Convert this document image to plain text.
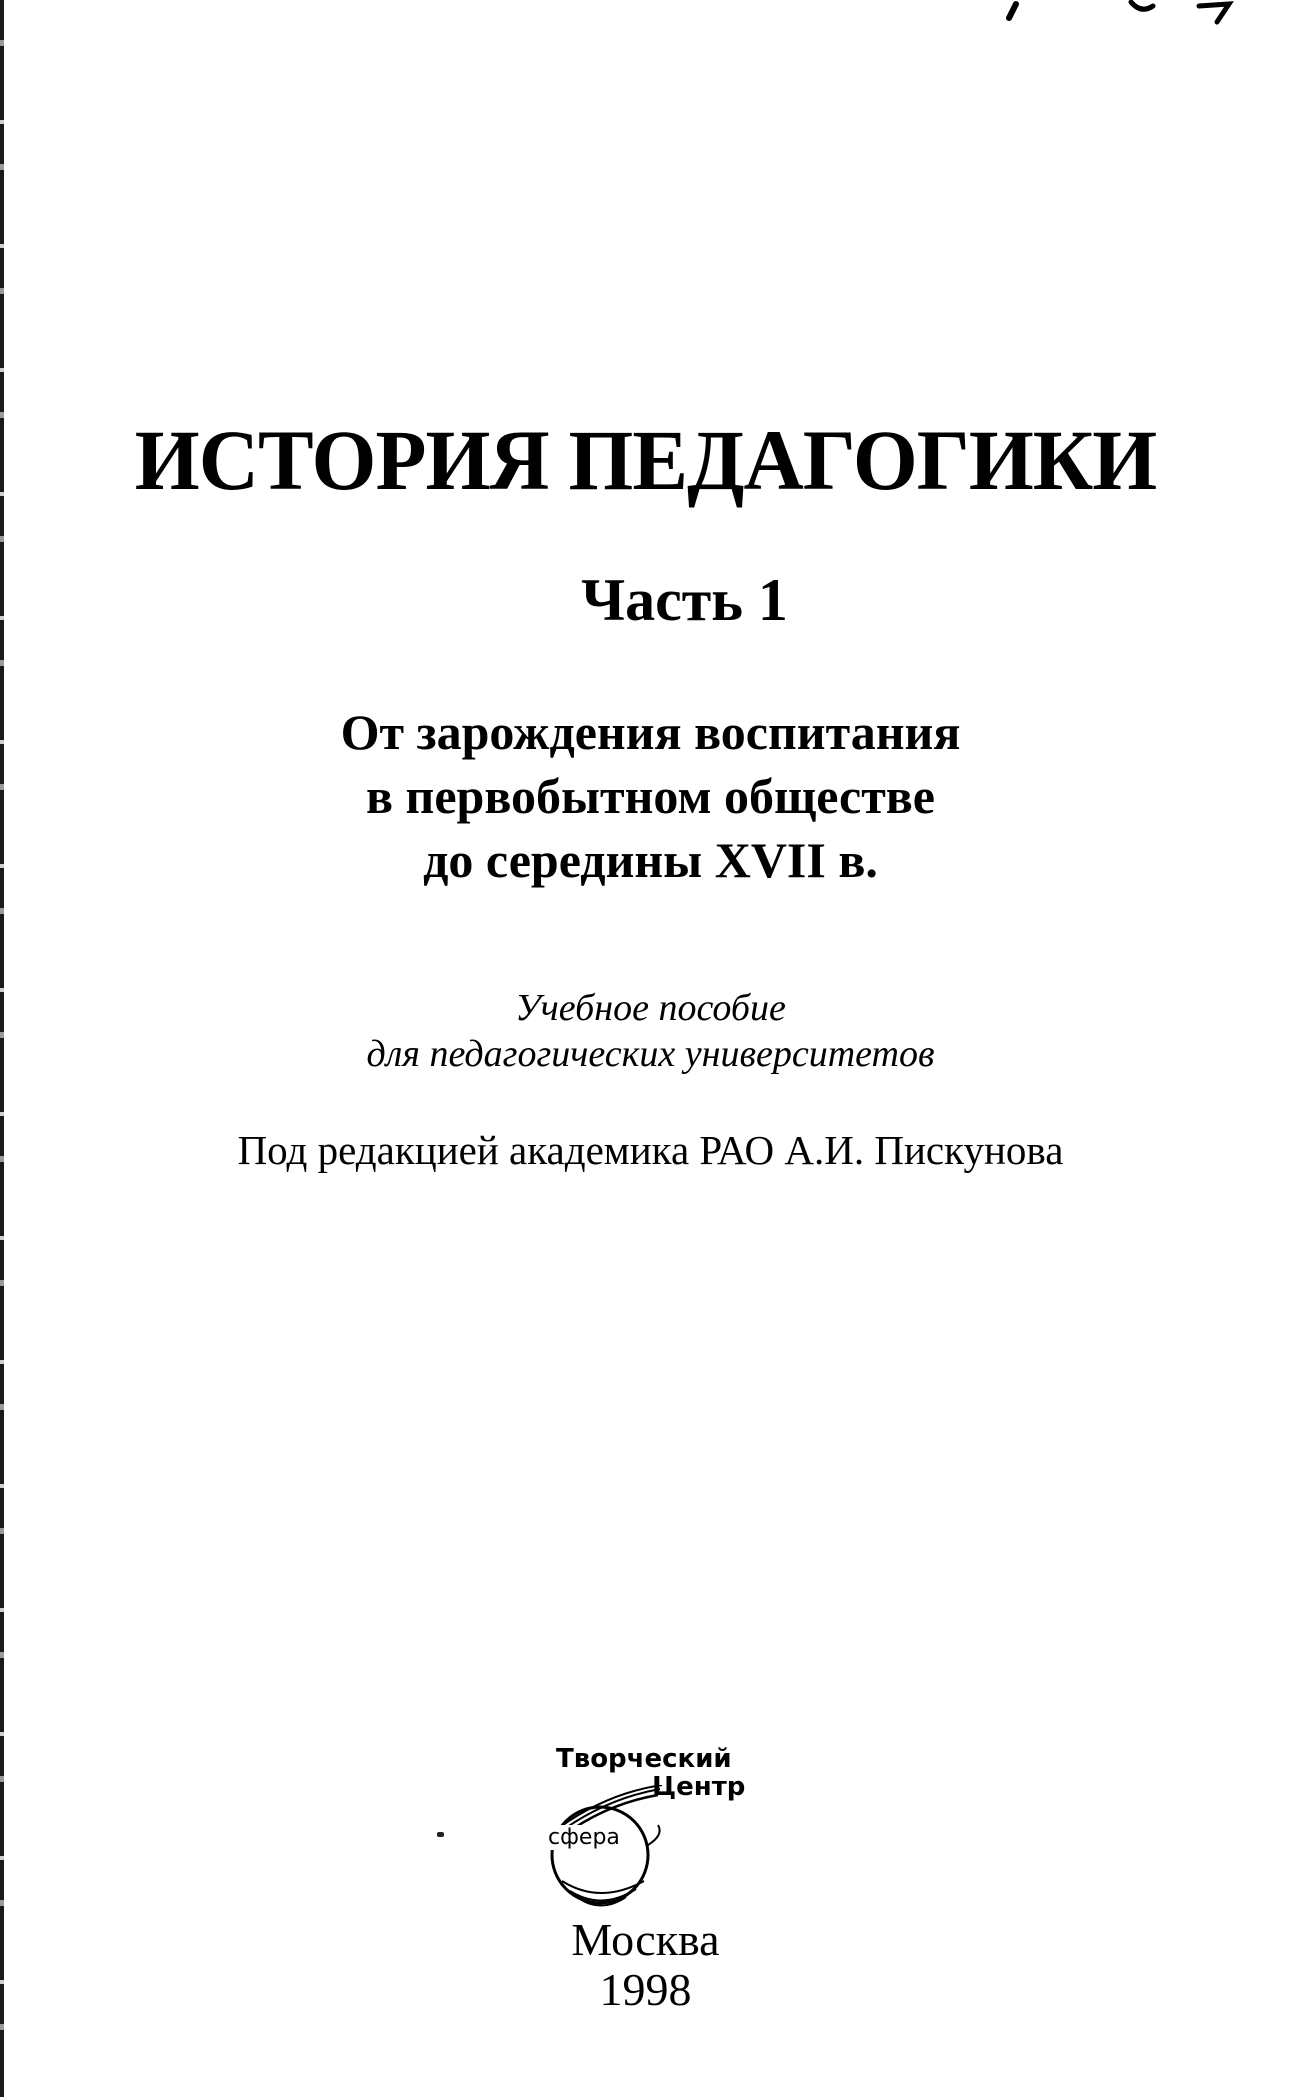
ИСТОРИЯ ПЕДАГОГИКИ
Часть 1
От зарождения воспитания
в первобытном обществе
до середины XVII в.
Учебное пособие
для педагогических университетов
Под редакцией академика РАО А.И. Пискунова
Творческий
Центр
сфера
Москва
1998
